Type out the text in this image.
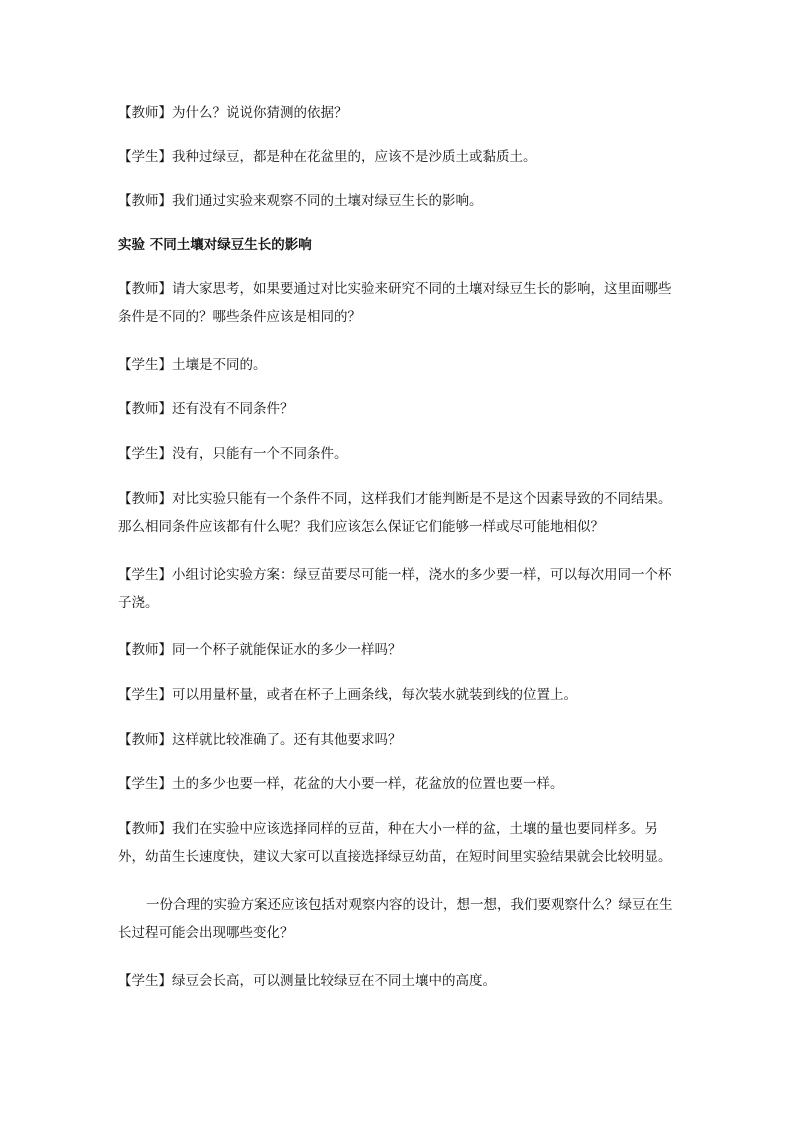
【教师】为什么？说说你猜测的依据？

【学生】我种过绿豆，都是种在花盆里的，应该不是沙质土或黏质土。

【教师】我们通过实验来观察不同的土壤对绿豆生长的影响。

实验 不同土壤对绿豆生长的影响

【教师】请大家思考，如果要通过对比实验来研究不同的土壤对绿豆生长的影响，这里面哪些条件是不同的？哪些条件应该是相同的？

【学生】土壤是不同的。

【教师】还有没有不同条件？

【学生】没有，只能有一个不同条件。

【教师】对比实验只能有一个条件不同，这样我们才能判断是不是这个因素导致的不同结果。那么相同条件应该都有什么呢？我们应该怎么保证它们能够一样或尽可能地相似？

【学生】小组讨论实验方案：绿豆苗要尽可能一样，浇水的多少要一样，可以每次用同一个杯子浇。

【教师】同一个杯子就能保证水的多少一样吗？

【学生】可以用量杯量，或者在杯子上画条线，每次装水就装到线的位置上。

【教师】这样就比较准确了。还有其他要求吗？

【学生】土的多少也要一样，花盆的大小要一样，花盆放的位置也要一样。

【教师】我们在实验中应该选择同样的豆苗，种在大小一样的盆，土壤的量也要同样多。另外，幼苗生长速度快，建议大家可以直接选择绿豆幼苗，在短时间里实验结果就会比较明显。

一份合理的实验方案还应该包括对观察内容的设计，想一想，我们要观察什么？绿豆在生长过程可能会出现哪些变化？

【学生】绿豆会长高，可以测量比较绿豆在不同土壤中的高度。
